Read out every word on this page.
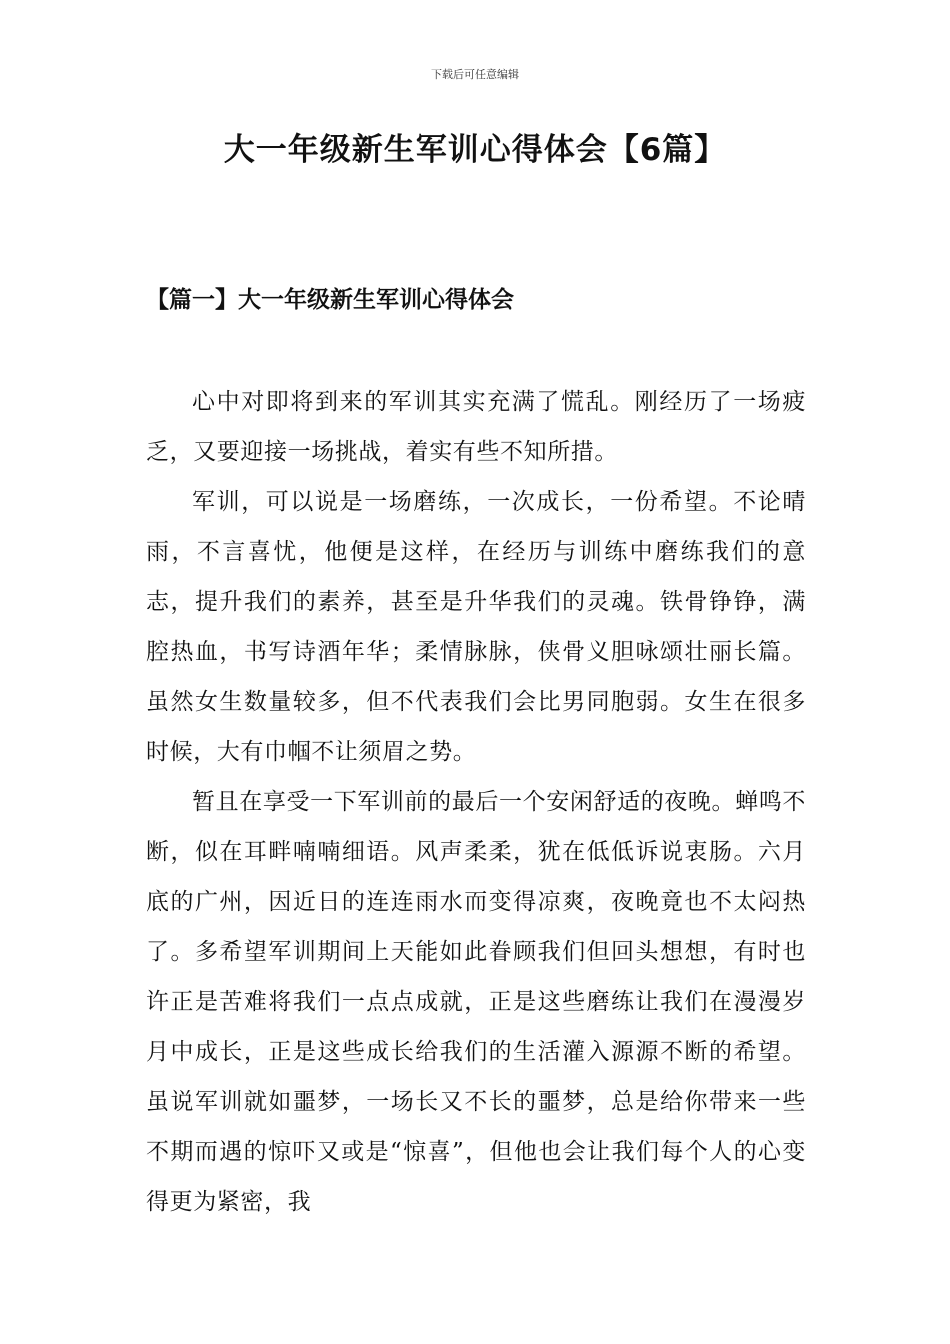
下载后可任意编辑
大一年级新生军训心得体会【6篇】
【篇一】大一年级新生军训心得体会

心中对即将到来的军训其实充满了慌乱。刚经历了一场疲乏，又要迎接一场挑战，着实有些不知所措。

军训，可以说是一场磨练，一次成长，一份希望。不论晴雨，不言喜忧，他便是这样，在经历与训练中磨练我们的意志，提升我们的素养，甚至是升华我们的灵魂。铁骨铮铮，满腔热血，书写诗酒年华；柔情脉脉，侠骨义胆咏颂壮丽长篇。虽然女生数量较多，但不代表我们会比男同胞弱。女生在很多时候，大有巾帼不让须眉之势。

暂且在享受一下军训前的最后一个安闲舒适的夜晚。蝉鸣不断，似在耳畔喃喃细语。风声柔柔，犹在低低诉说衷肠。六月底的广州，因近日的连连雨水而变得凉爽，夜晚竟也不太闷热了。多希望军训期间上天能如此眷顾我们但回头想想，有时也许正是苦难将我们一点点成就，正是这些磨练让我们在漫漫岁月中成长，正是这些成长给我们的生活灌入源源不断的希望。虽说军训就如噩梦，一场长又不长的噩梦，总是给你带来一些不期而遇的惊吓又或是“惊喜”，但他也会让我们每个人的心变得更为紧密，我
